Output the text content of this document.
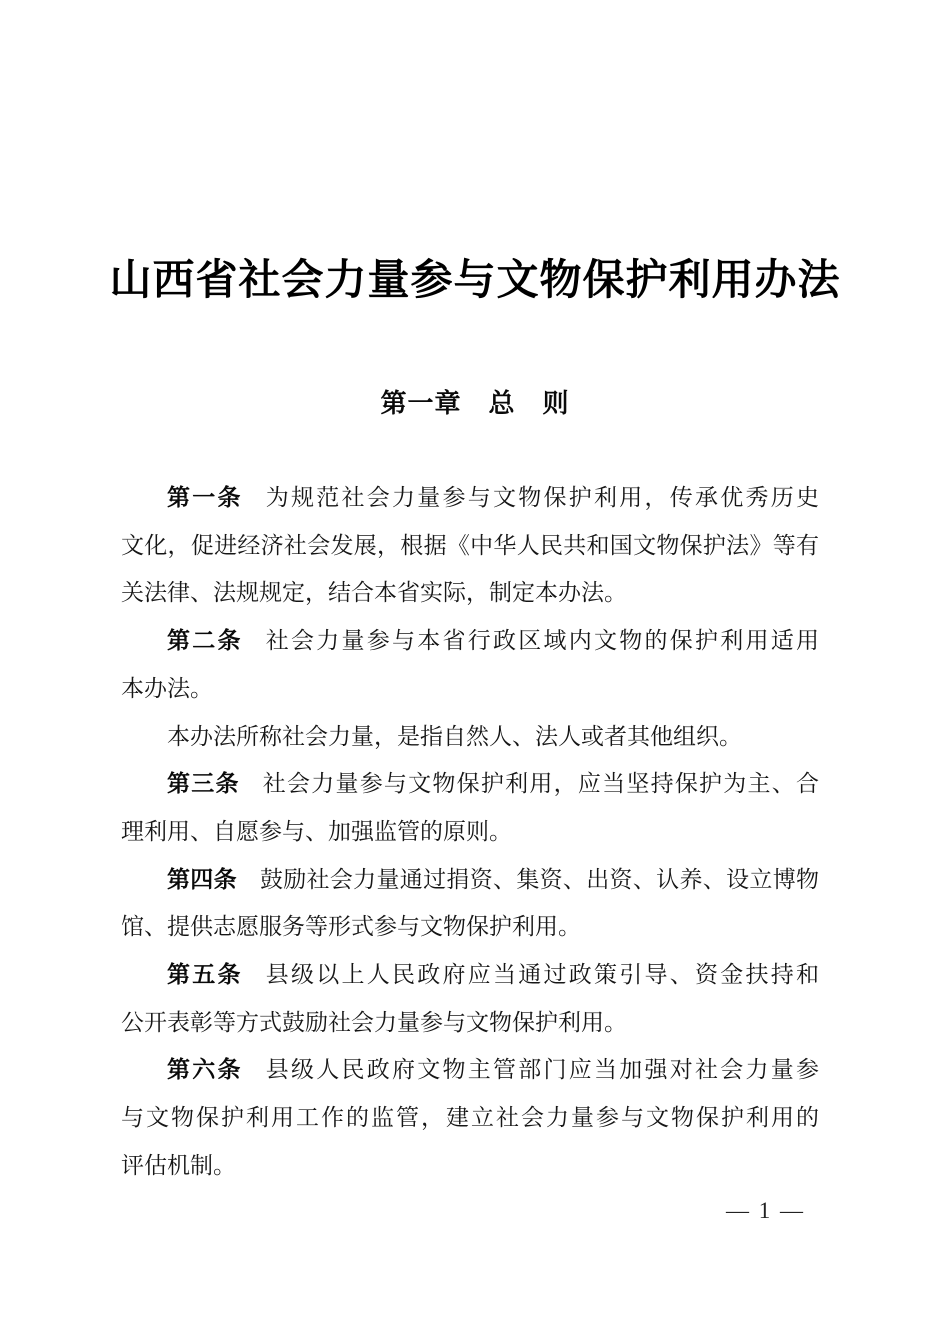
山西省社会力量参与文物保护利用办法
第一章　总　则

第一条 为规范社会力量参与文物保护利用，传承优秀历史
文化，促进经济社会发展，根据《中华人民共和国文物保护法》等有
关法律、法规规定，结合本省实际，制定本办法。

第二条 社会力量参与本省行政区域内文物的保护利用适用
本办法。

本办法所称社会力量，是指自然人、法人或者其他组织。

第三条 社会力量参与文物保护利用，应当坚持保护为主、合
理利用、自愿参与、加强监管的原则。

第四条 鼓励社会力量通过捐资、集资、出资、认养、设立博物
馆、提供志愿服务等形式参与文物保护利用。

第五条 县级以上人民政府应当通过政策引导、资金扶持和
公开表彰等方式鼓励社会力量参与文物保护利用。

第六条 县级人民政府文物主管部门应当加强对社会力量参
与文物保护利用工作的监管，建立社会力量参与文物保护利用的
评估机制。

— 1 —
